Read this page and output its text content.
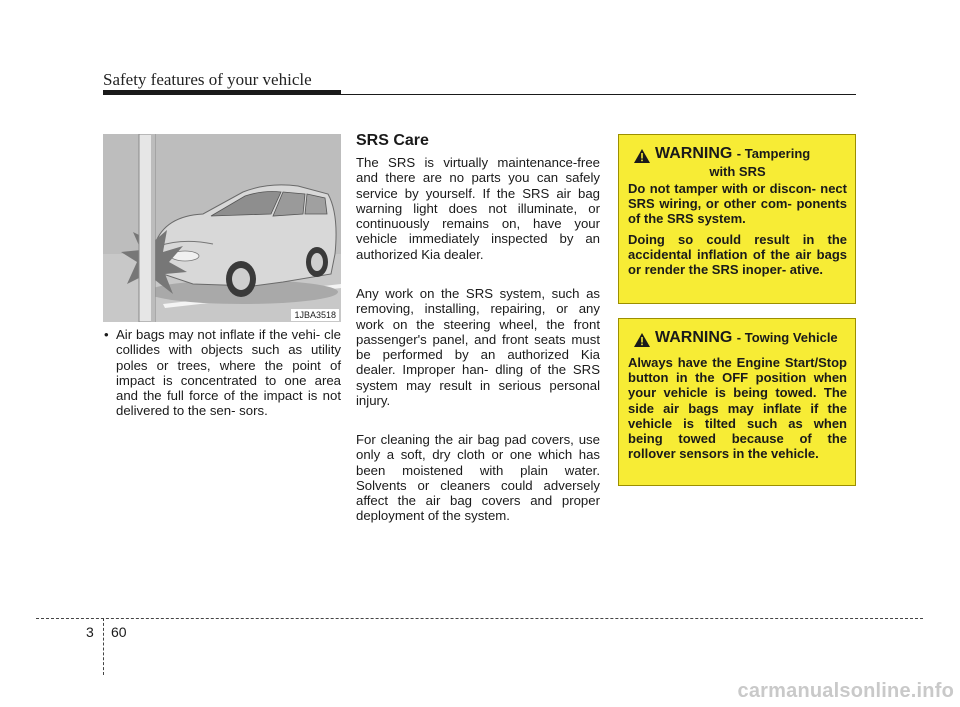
Safety features of your vehicle
1JBA3518
• Air bags may not inflate if the vehi- cle collides with objects such as utility poles or trees, where the point of impact is concentrated to one area and the full force of the impact is not delivered to the sen- sors.
SRS Care

The SRS is virtually maintenance-free and there are no parts you can safely service by yourself. If the SRS air bag warning light does not illuminate, or continuously remains on, have your vehicle immediately inspected by an authorized Kia dealer.

Any work on the SRS system, such as removing, installing, repairing, or any work on the steering wheel, the front passenger's panel, and front seats must be performed by an authorized Kia dealer. Improper han- dling of the SRS system may result in serious personal injury.

For cleaning the air bag pad covers, use only a soft, dry cloth or one which has been moistened with plain water. Solvents or cleaners could adversely affect the air bag covers and proper deployment of the system.

WARNING - Tampering
with SRS

Do not tamper with or discon- nect SRS wiring, or other com- ponents of the SRS system.

Doing so could result in the accidental inflation of the air bags or render the SRS inoper- ative.

WARNING - Towing Vehicle

Always have the Engine Start/Stop button in the OFF position when your vehicle is being towed. The side air bags may inflate if the vehicle is tilted such as when being towed because of the rollover sensors in the vehicle.

3 60
carmanualsonline.info
